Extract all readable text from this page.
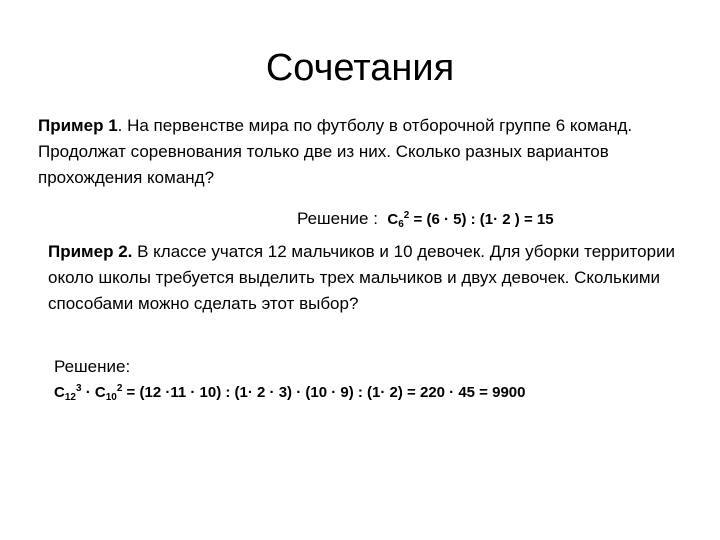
Сочетания
Пример 1. На первенстве мира по футболу в отборочной группе 6 команд. Продолжат соревнования только две из них. Сколько разных вариантов прохождения команд?
Решение : $C_6^2 = (6 \cdot 5)$ : (1· 2 ) = 15
Пример 2. В классе учатся 12 мальчиков и 10 девочек. Для уборки территории около школы требуется выделить трех мальчиков и двух девочек. Сколькими способами можно сделать этот выбор?
Решение:
$C_{12}^3 \cdot C_{10}^2 = (12 \cdot 11 \cdot 10)$ : (1· 2 · 3) · (10 · 9) : (1· 2) = 220 · 45 = 9900
